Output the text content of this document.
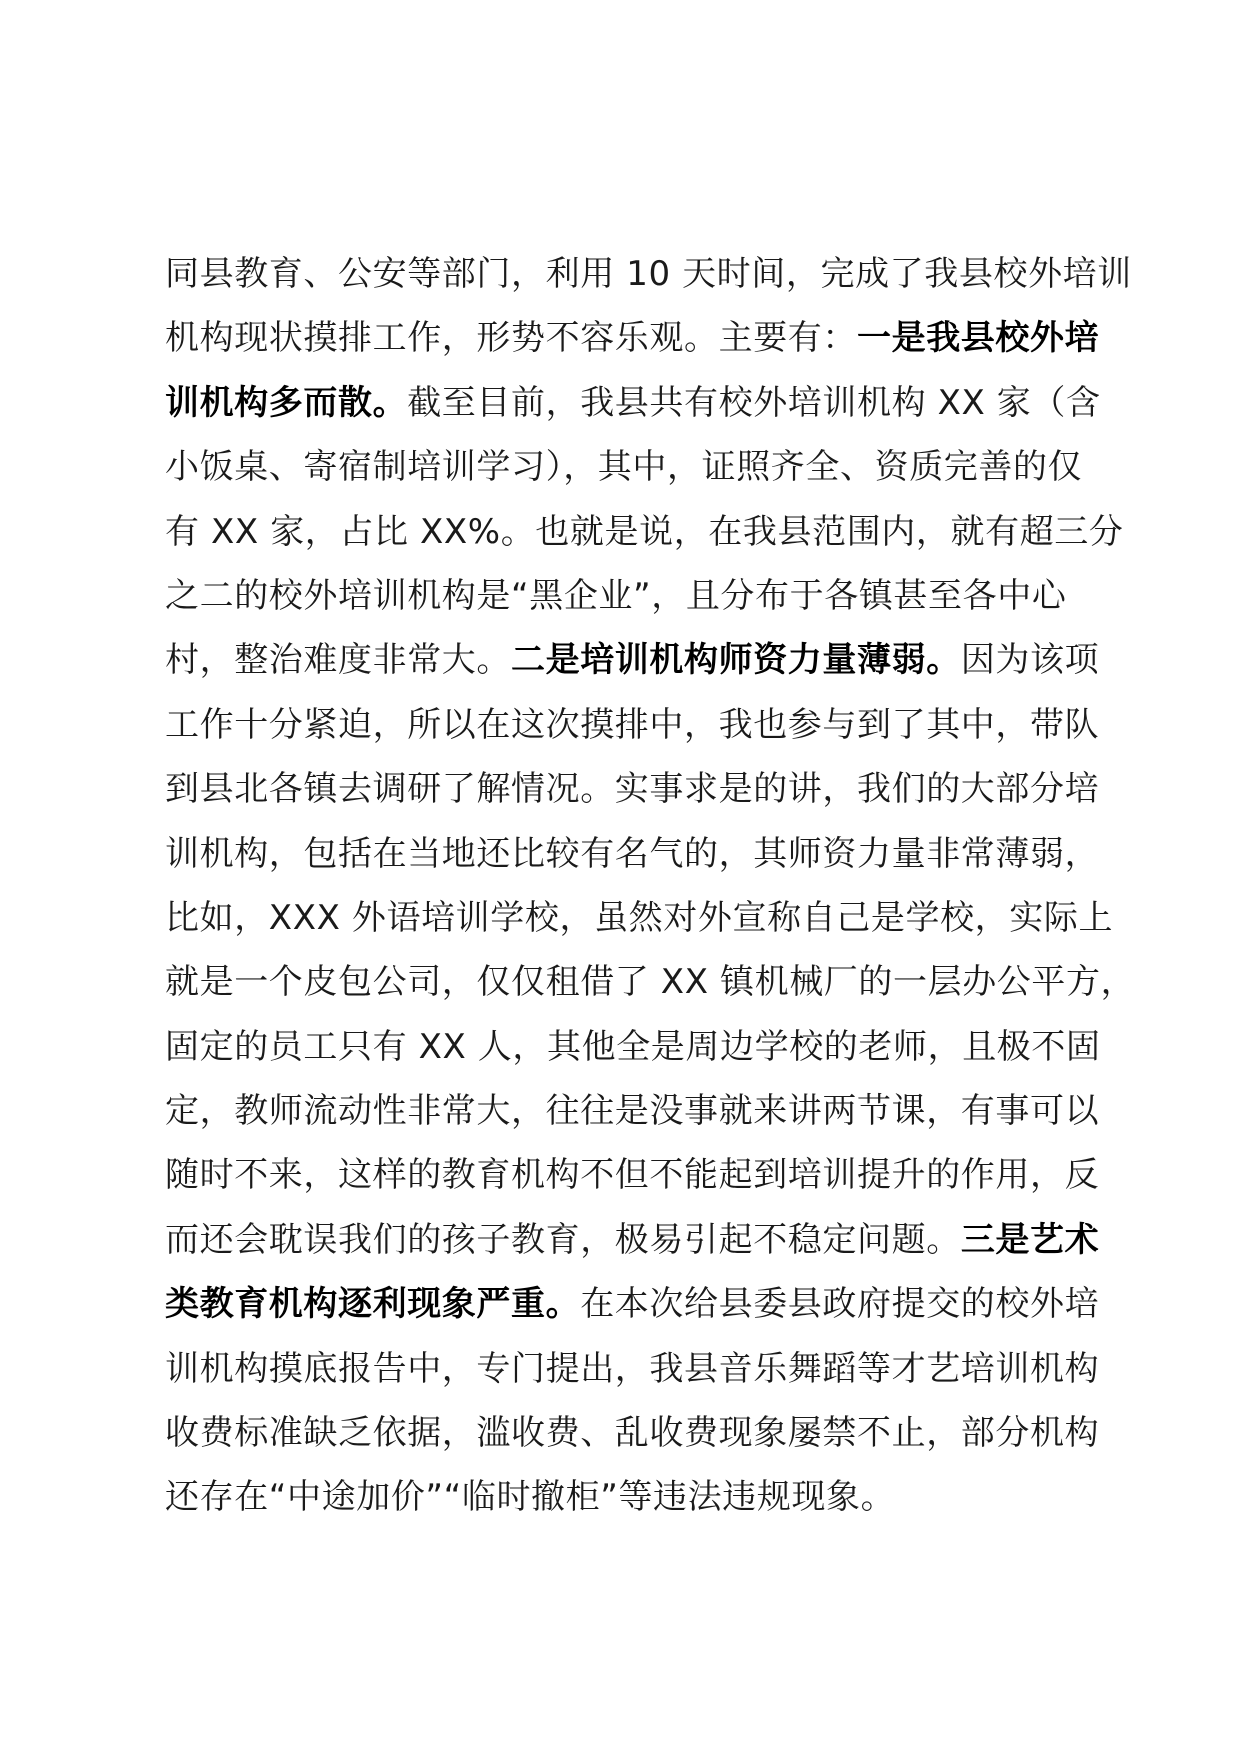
同县教育、公安等部门，利用 10 天时间，完成了我县校外培训
机构现状摸排工作，形势不容乐观。主要有：一是我县校外培
训机构多而散。截至目前，我县共有校外培训机构 XX 家（含
小饭桌、寄宿制培训学习），其中，证照齐全、资质完善的仅
有 XX 家，占比 XX%。也就是说，在我县范围内，就有超三分
之二的校外培训机构是“黑企业”，且分布于各镇甚至各中心
村，整治难度非常大。二是培训机构师资力量薄弱。因为该项
工作十分紧迫，所以在这次摸排中，我也参与到了其中，带队
到县北各镇去调研了解情况。实事求是的讲，我们的大部分培
训机构，包括在当地还比较有名气的，其师资力量非常薄弱，
比如，XXX 外语培训学校，虽然对外宣称自己是学校，实际上
就是一个皮包公司，仅仅租借了 XX 镇机械厂的一层办公平方，
固定的员工只有 XX 人，其他全是周边学校的老师，且极不固
定，教师流动性非常大，往往是没事就来讲两节课，有事可以
随时不来，这样的教育机构不但不能起到培训提升的作用，反
而还会耽误我们的孩子教育，极易引起不稳定问题。三是艺术
类教育机构逐利现象严重。在本次给县委县政府提交的校外培
训机构摸底报告中，专门提出，我县音乐舞蹈等才艺培训机构
收费标准缺乏依据，滥收费、乱收费现象屡禁不止，部分机构
还存在“中途加价”“临时撤柜”等违法违规现象。
